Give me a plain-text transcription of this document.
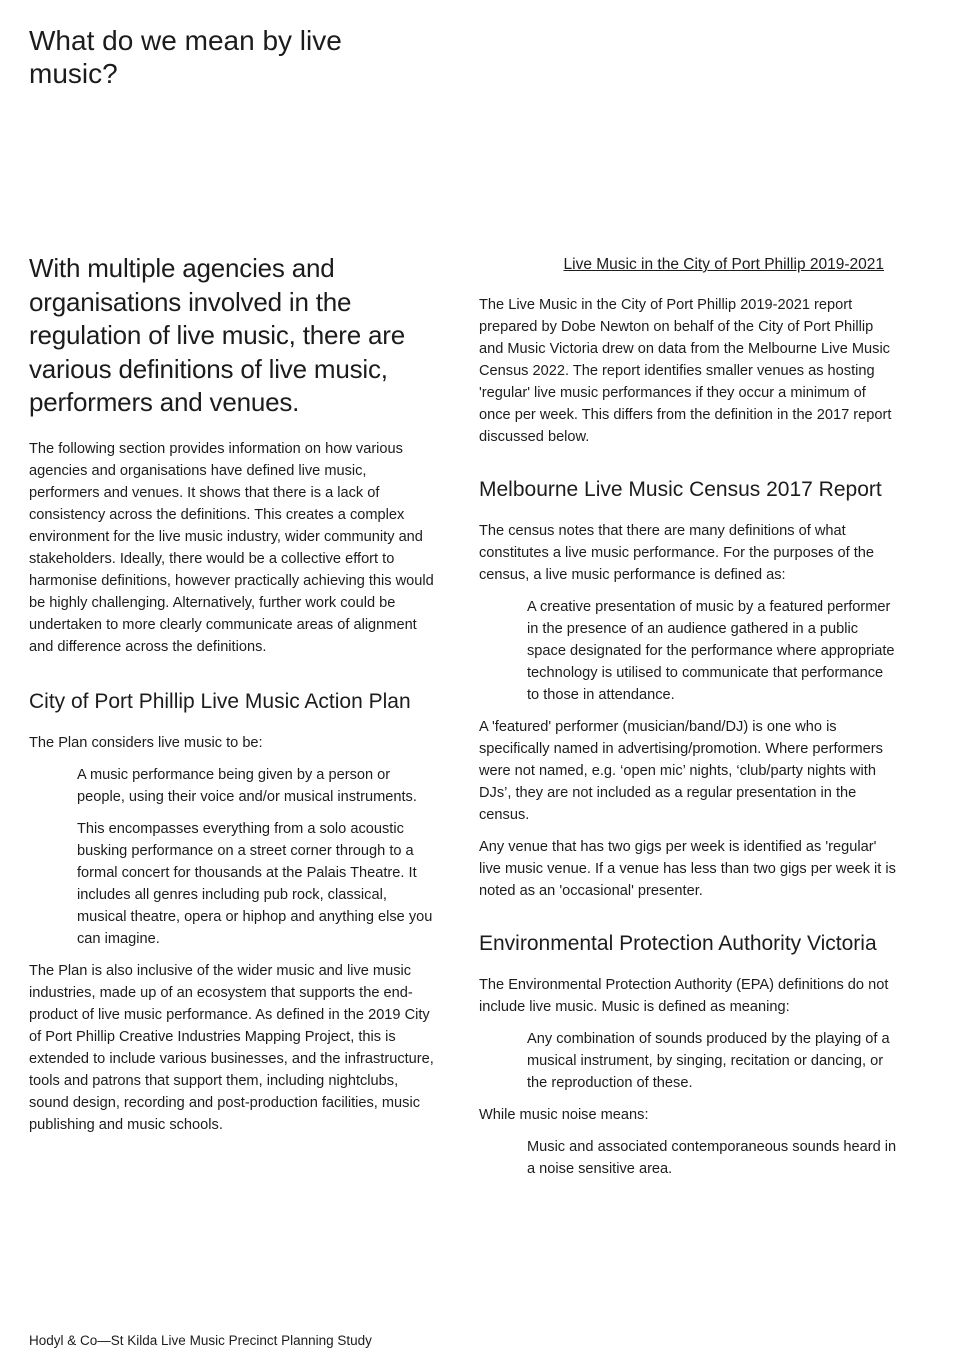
What do we mean by live music?
With multiple agencies and organisations involved in the regulation of live music, there are various definitions of live music, performers and venues.

The following section provides information on how various agencies and organisations have defined live music, performers and venues. It shows that there is a lack of consistency across the definitions. This creates a complex environment for the live music industry, wider community and stakeholders. Ideally, there would be a collective effort to harmonise definitions, however practically achieving this would be highly challenging. Alternatively, further work could be undertaken to more clearly communicate areas of alignment and difference across the definitions.

City of Port Phillip Live Music Action Plan

The Plan considers live music to be:

A music performance being given by a person or people, using their voice and/or musical instruments.

This encompasses everything from a solo acoustic busking performance on a street corner through to a formal concert for thousands at the Palais Theatre. It includes all genres including pub rock, classical, musical theatre, opera or hiphop and anything else you can imagine.

The Plan is also inclusive of the wider music and live music industries, made up of an ecosystem that supports the end-product of live music performance. As defined in the 2019 City of Port Phillip Creative Industries Mapping Project, this is extended to include various businesses, and the infrastructure, tools and patrons that support them, including nightclubs, sound design, recording and post-production facilities, music publishing and music schools.

Live Music in the City of Port Phillip 2019-2021

The Live Music in the City of Port Phillip 2019-2021 report prepared by Dobe Newton on behalf of the City of Port Phillip and Music Victoria drew on data from the Melbourne Live Music Census 2022. The report identifies smaller venues as hosting 'regular' live music performances if they occur a minimum of once per week. This differs from the definition in the 2017 report discussed below.

Melbourne Live Music Census 2017 Report

The census notes that there are many definitions of what constitutes a live music performance. For the purposes of the census, a live music performance is defined as:

A creative presentation of music by a featured performer in the presence of an audience gathered in a public space designated for the performance where appropriate technology is utilised to communicate that performance to those in attendance.

A 'featured' performer (musician/band/DJ) is one who is specifically named in advertising/promotion. Where performers were not named, e.g. ‘open mic’ nights, ‘club/party nights with DJs’, they are not included as a regular presentation in the census.

Any venue that has two gigs per week is identified as 'regular' live music venue. If a venue has less than two gigs per week it is noted as an 'occasional' presenter.

Environmental Protection Authority Victoria

The Environmental Protection Authority (EPA) definitions do not include live music. Music is defined as meaning:

Any combination of sounds produced by the playing of a musical instrument, by singing, recitation or dancing, or the reproduction of these.

While music noise means:

Music and associated contemporaneous sounds heard in a noise sensitive area.

Hodyl & Co—St Kilda Live Music Precinct Planning Study
